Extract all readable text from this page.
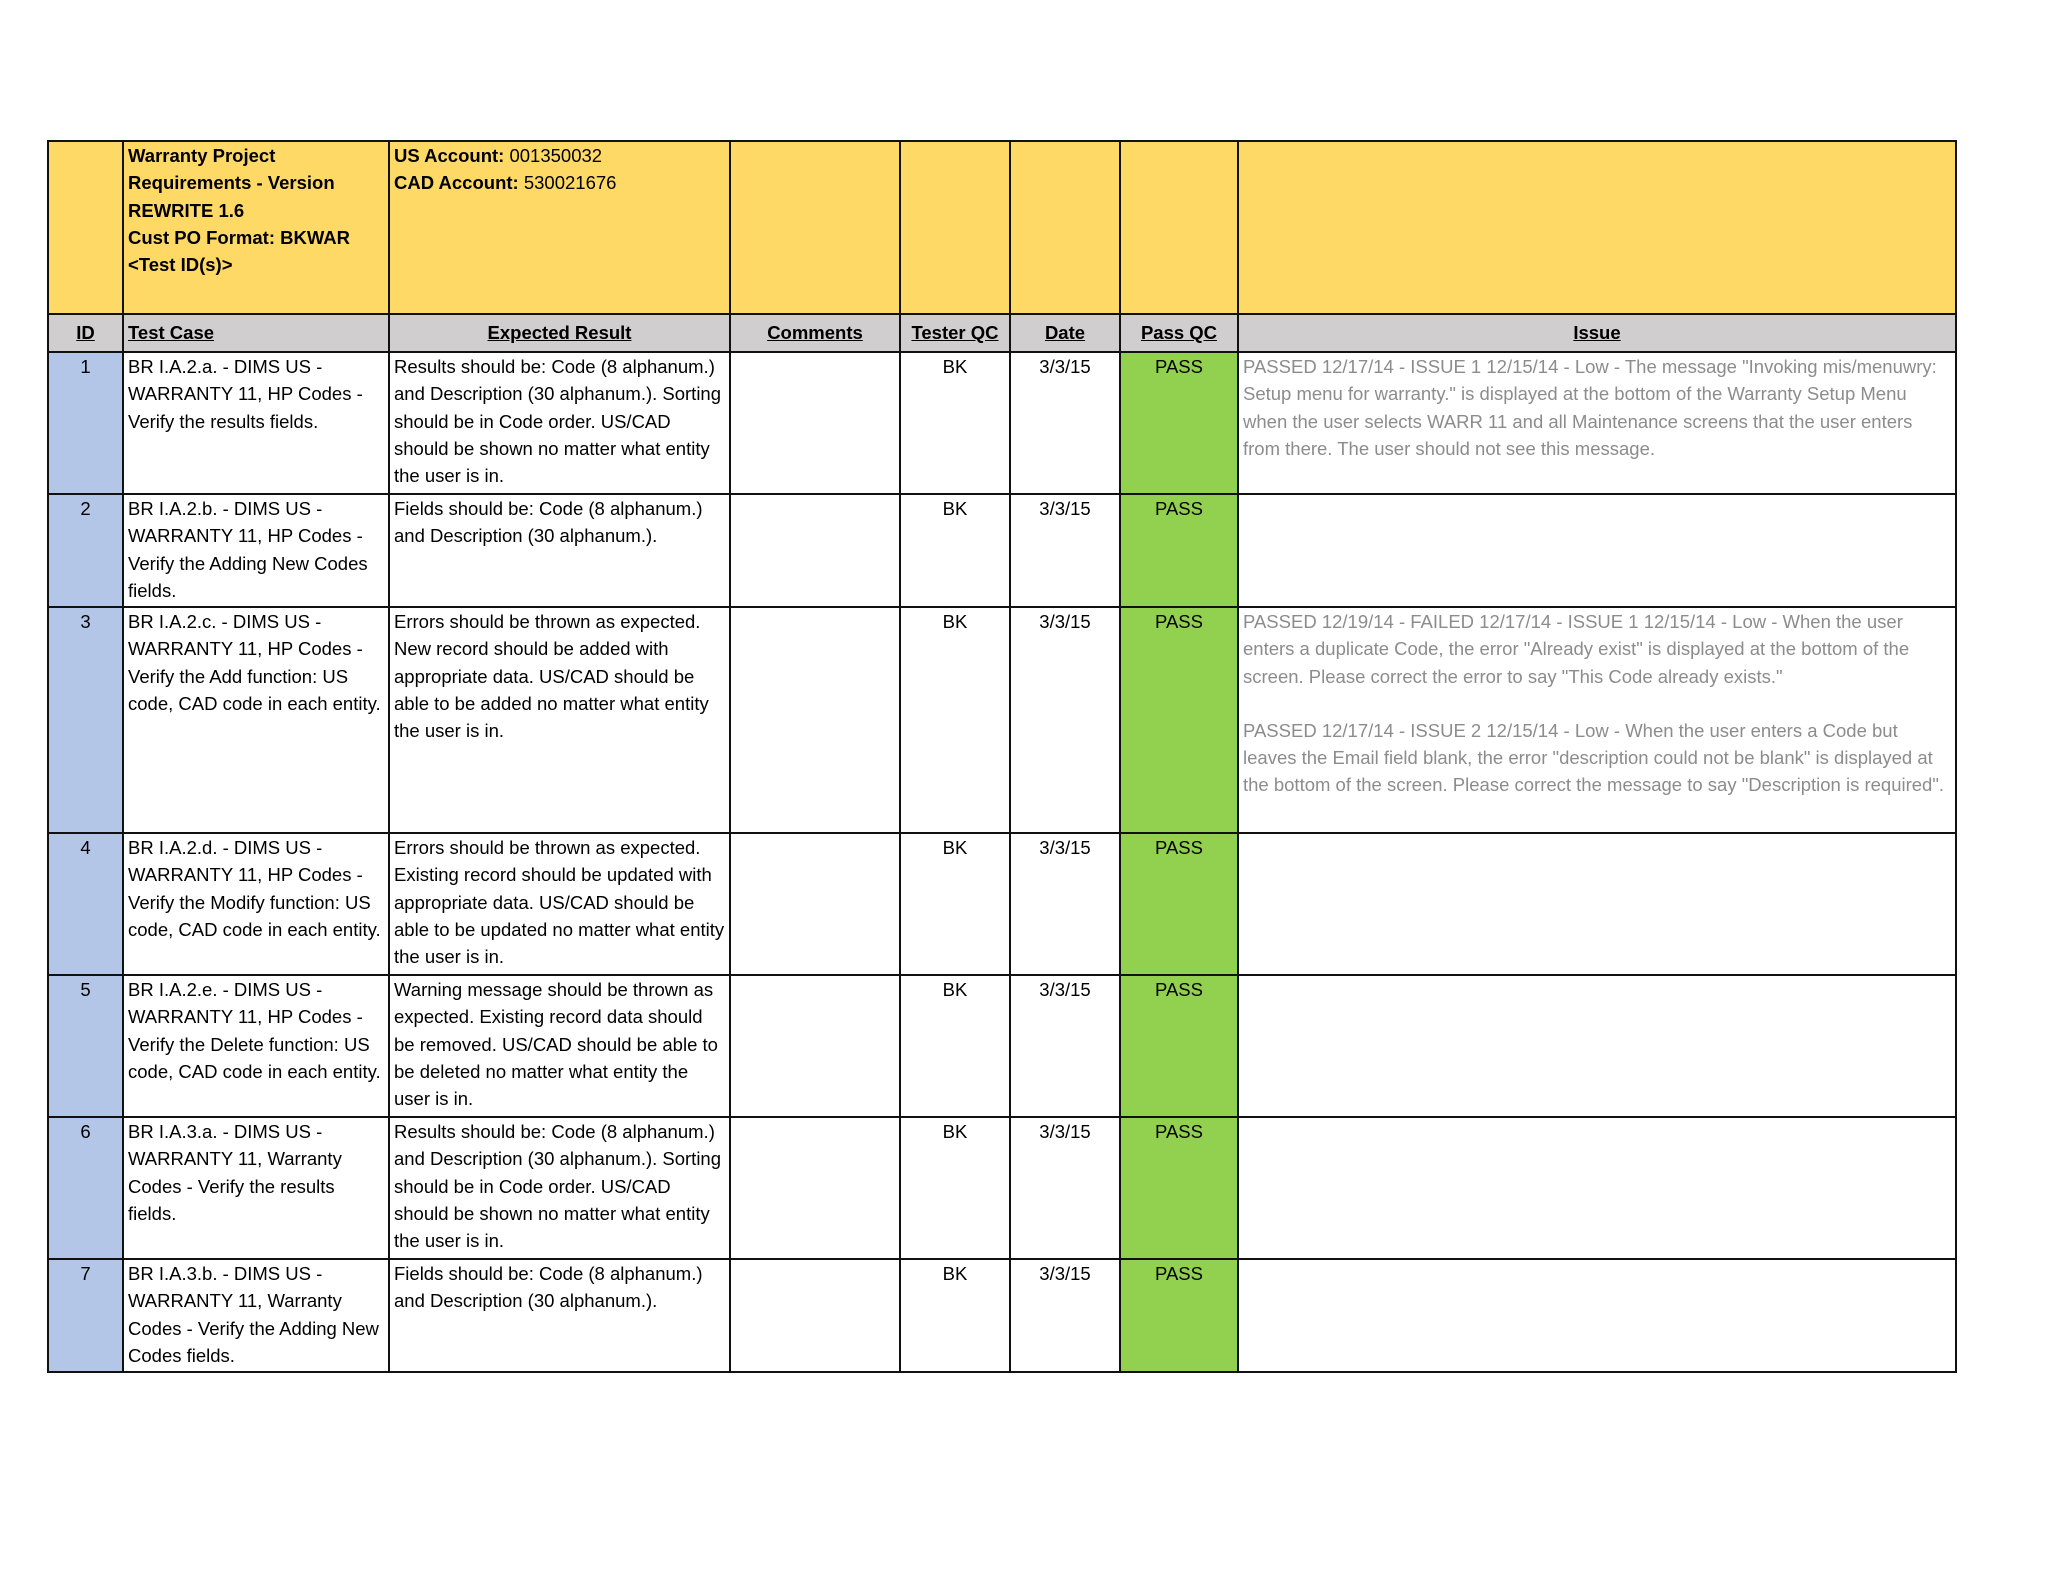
	Warranty Project
Requirements - Version
REWRITE 1.6
Cust PO Format: BKWAR
<Test ID(s)>	US Account: 001350032
CAD Account: 530021676					

ID	Test Case	Expected Result	Comments	Tester QC	Date	Pass QC	Issue
1	BR I.A.2.a. - DIMS US - WARRANTY 11, HP Codes - Verify the results fields.	Results should be: Code (8 alphanum.) and Description (30 alphanum.). Sorting should be in Code order. US/CAD should be shown no matter what entity the user is in.		BK	3/3/15	PASS	PASSED 12/17/14 - ISSUE 1 12/15/14 - Low - The message "Invoking mis/menuwry: Setup menu for warranty." is displayed at the bottom of the Warranty Setup Menu when the user selects WARR 11 and all Maintenance screens that the user enters from there. The user should not see this message.

2	BR I.A.2.b. - DIMS US - WARRANTY 11, HP Codes - Verify the Adding New Codes fields.	Fields should be: Code (8 alphanum.) and Description (30 alphanum.).		BK	3/3/15	PASS	
3	BR I.A.2.c. - DIMS US - WARRANTY 11, HP Codes - Verify the Add function: US code, CAD code in each entity.	Errors should be thrown as expected. New record should be added with appropriate data. US/CAD should be able to be added no matter what entity the user is in.		BK	3/3/15	PASS	PASSED 12/19/14 - FAILED 12/17/14 - ISSUE 1 12/15/14 - Low - When the user enters a duplicate Code, the error "Already exist" is displayed at the bottom of the screen. Please correct the error to say "This Code already exists."

PASSED 12/17/14 - ISSUE 2 12/15/14 - Low - When the user enters a Code but leaves the Email field blank, the error "description could not be blank" is displayed at the bottom of the screen. Please correct the message to say "Description is required".

4	BR I.A.2.d. - DIMS US - WARRANTY 11, HP Codes - Verify the Modify function: US code, CAD code in each entity.	Errors should be thrown as expected. Existing record should be updated with appropriate data. US/CAD should be able to be updated no matter what entity the user is in.		BK	3/3/15	PASS	
5	BR I.A.2.e. - DIMS US - WARRANTY 11, HP Codes - Verify the Delete function: US code, CAD code in each entity.	Warning message should be thrown as expected. Existing record data should be removed. US/CAD should be able to be deleted no matter what entity the user is in.		BK	3/3/15	PASS	
6	BR I.A.3.a. - DIMS US - WARRANTY 11, Warranty Codes - Verify the results fields.	Results should be: Code (8 alphanum.) and Description (30 alphanum.). Sorting should be in Code order. US/CAD should be shown no matter what entity the user is in.		BK	3/3/15	PASS	
7	BR I.A.3.b. - DIMS US - WARRANTY 11, Warranty Codes - Verify the Adding New Codes fields.	Fields should be: Code (8 alphanum.) and Description (30 alphanum.).		BK	3/3/15	PASS	
